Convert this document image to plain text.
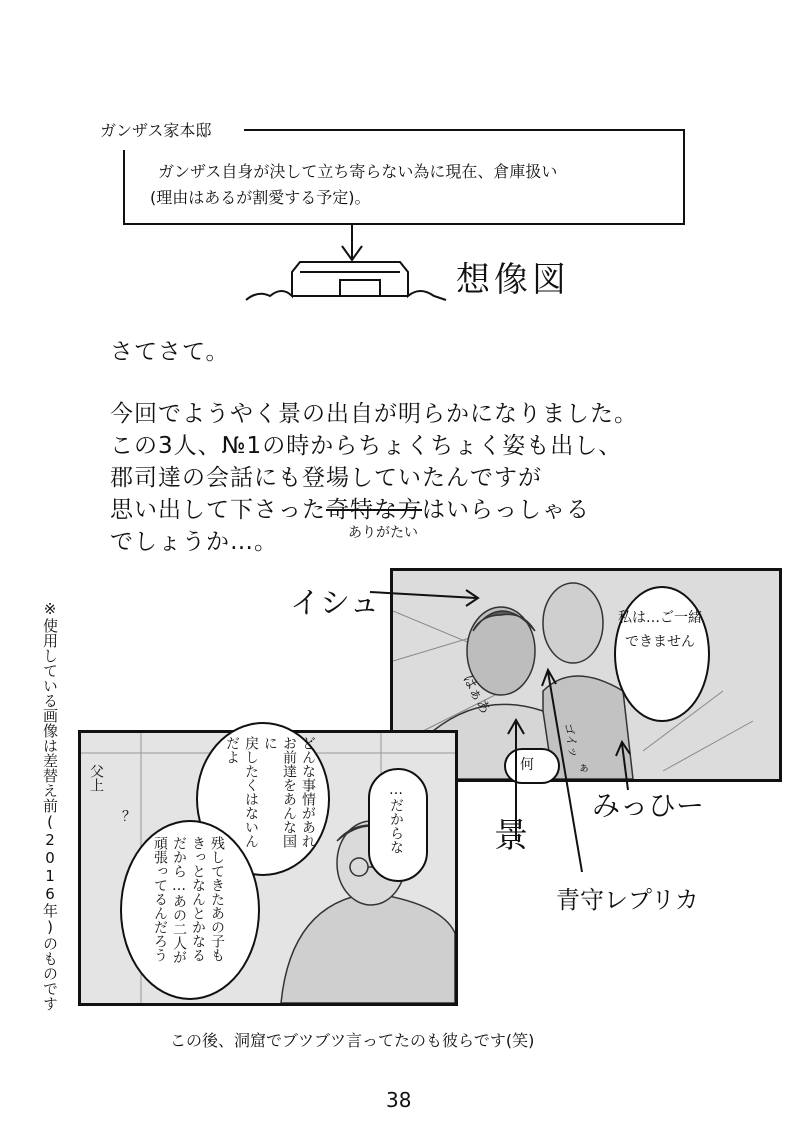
ガンザス家本邸
ガンザス自身が決して立ち寄らない為に現在、倉庫扱い
(理由はあるが割愛する予定)。
想像図
さてさて。
今回でようやく景の出自が明らかになりました。
この3人、№1の時からちょくちょく姿も出し、
郡司達の会話にも登場していたんですが
思い出して下さった奇特な方はいらっしゃる
でしょうか…。	ありがたい
※使用している画像は差替え前(2016年)のものです	私は…ご一緒
できません
はぁあ
ゴイッ
ぁ
何
イシュ
景
みっひー
青守レプリカ
父上	どんな事情があれ
お前達をあんな国に
戻したくはないん
だよ
…だからな
残してきたあの子も
きっとなんとかなる
だから…あの二人が
頑張ってるんだろう
？
この後、洞窟でブツブツ言ってたのも彼らです(笑)
38
